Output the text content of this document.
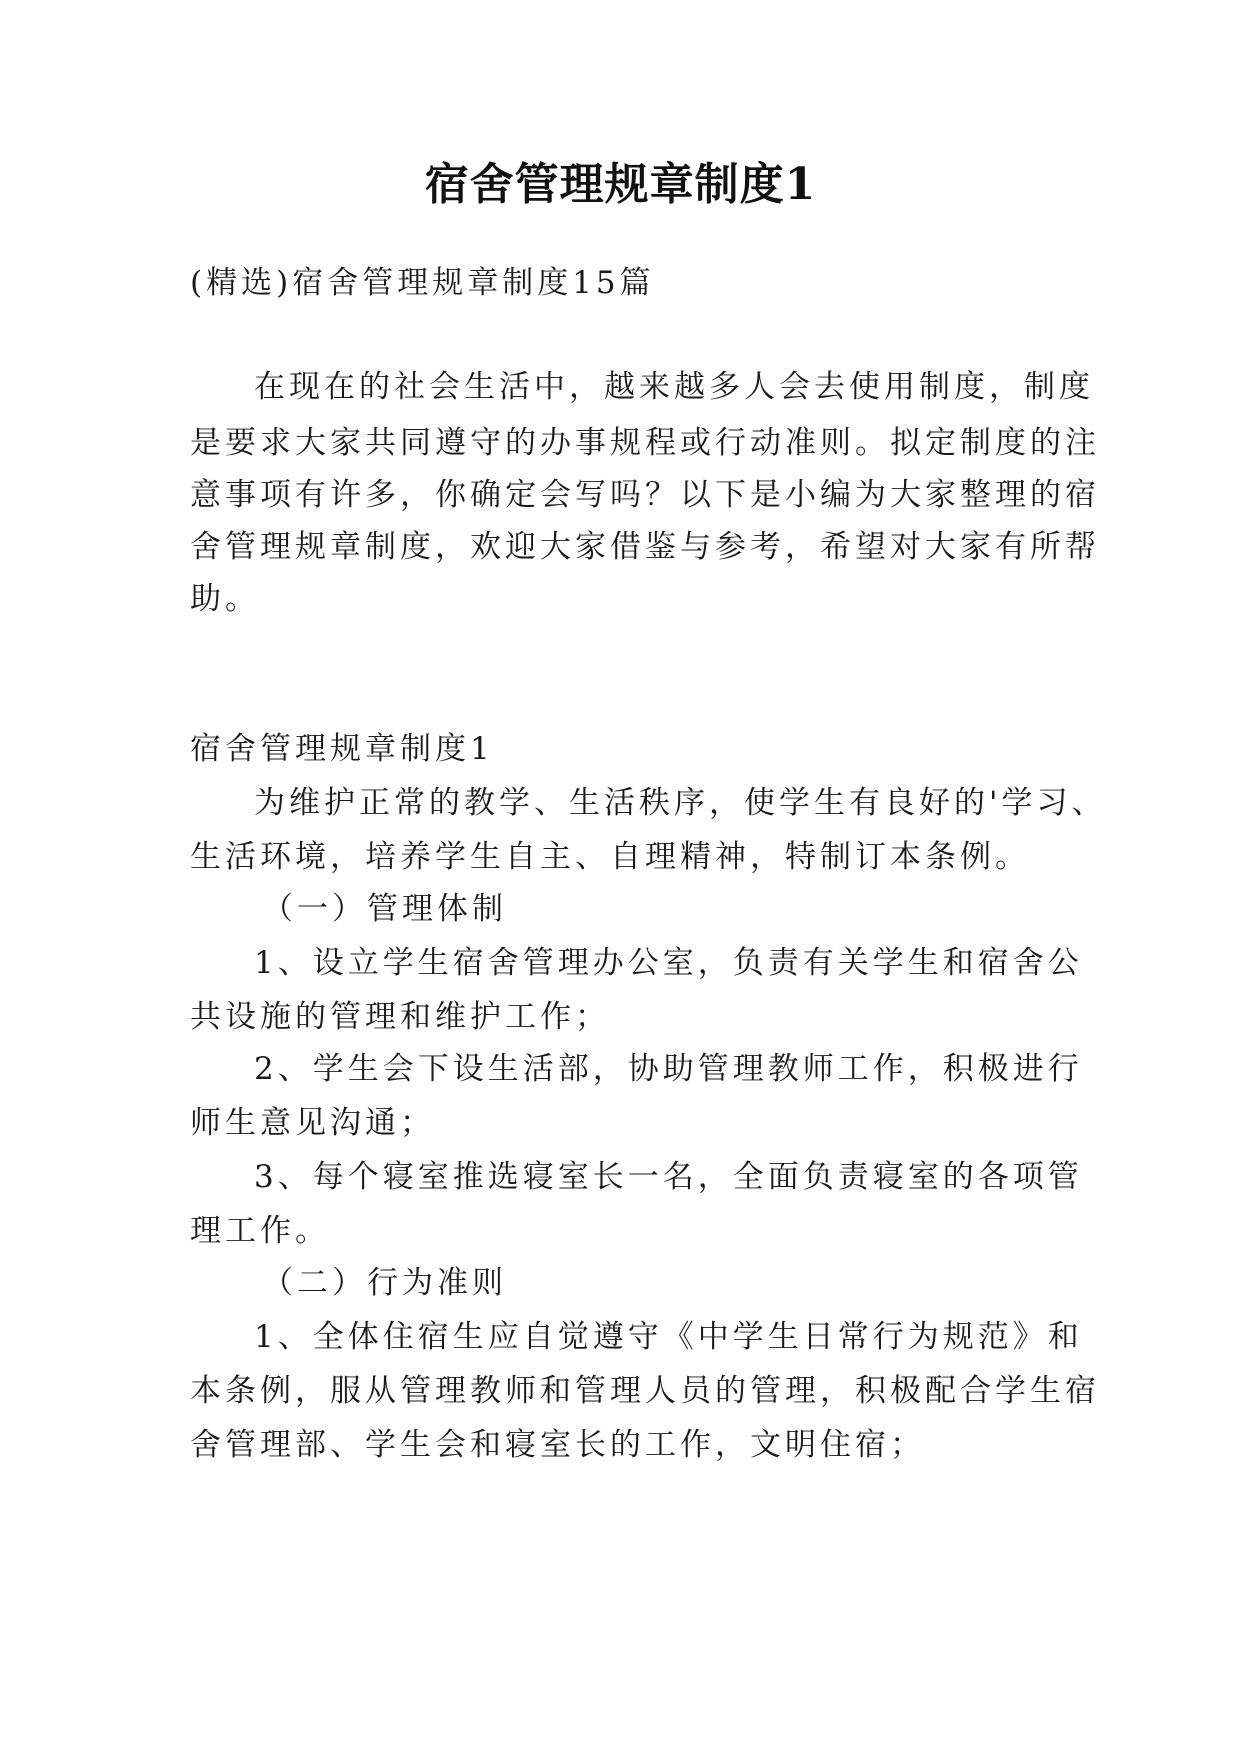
宿舍管理规章制度1
(精选)宿舍管理规章制度15篇
在现在的社会生活中，越来越多人会去使用制度，制度
是要求大家共同遵守的办事规程或行动准则。拟定制度的注
意事项有许多，你确定会写吗？以下是小编为大家整理的宿
舍管理规章制度，欢迎大家借鉴与参考，希望对大家有所帮
助。
宿舍管理规章制度1
为维护正常的教学、生活秩序，使学生有良好的'学习、
生活环境，培养学生自主、自理精神，特制订本条例。
（一）管理体制
1、设立学生宿舍管理办公室，负责有关学生和宿舍公
共设施的管理和维护工作；
2、学生会下设生活部，协助管理教师工作，积极进行
师生意见沟通；
3、每个寝室推选寝室长一名，全面负责寝室的各项管
理工作。
（二）行为准则
1、全体住宿生应自觉遵守《中学生日常行为规范》和
本条例，服从管理教师和管理人员的管理，积极配合学生宿
舍管理部、学生会和寝室长的工作，文明住宿；
